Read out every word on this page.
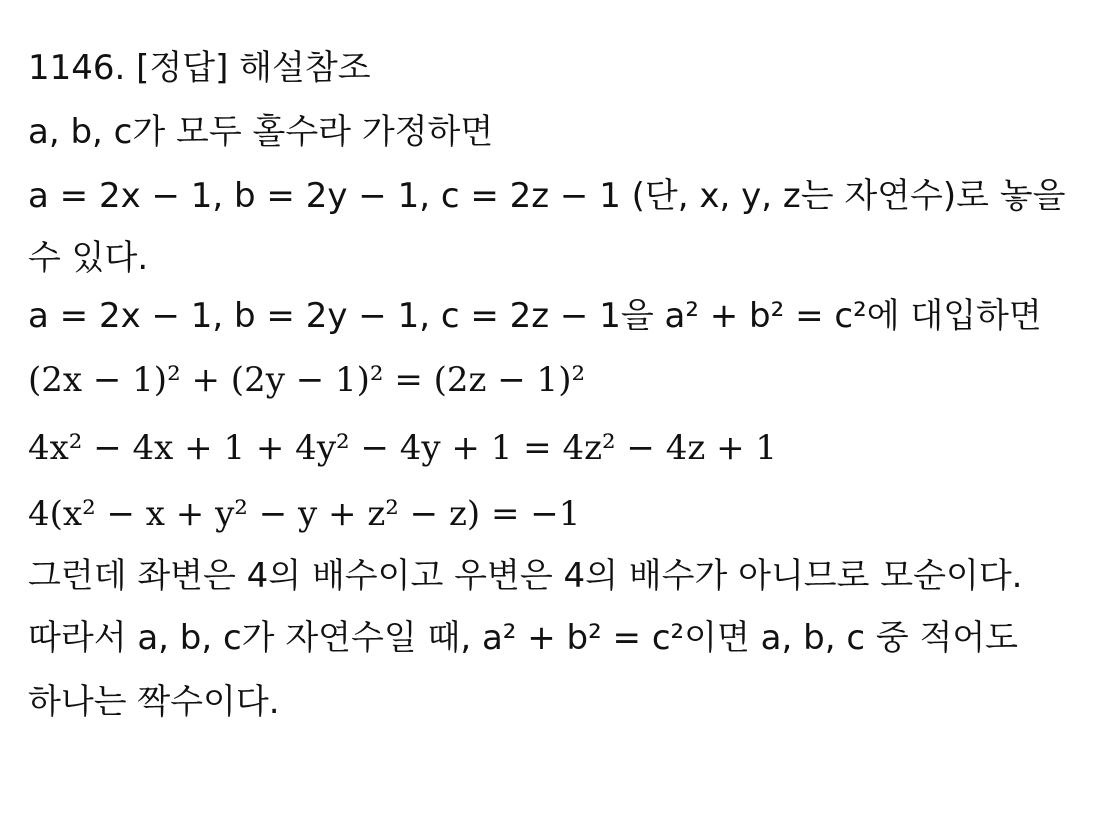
1146. [정답] 해설참조
a, b, c가 모두 홀수라 가정하면
a = 2x − 1, b = 2y − 1, c = 2z − 1 (단, x, y, z는 자연수)로 놓을
수 있다.
a = 2x − 1, b = 2y − 1, c = 2z − 1을 a² + b² = c²에 대입하면
(2x − 1)² + (2y − 1)² = (2z − 1)²
4x² − 4x + 1 + 4y² − 4y + 1 = 4z² − 4z + 1
4(x² − x + y² − y + z² − z) = −1
그런데 좌변은 4의 배수이고 우변은 4의 배수가 아니므로 모순이다.
따라서 a, b, c가 자연수일 때, a² + b² = c²이면 a, b, c 중 적어도
하나는 짝수이다.
